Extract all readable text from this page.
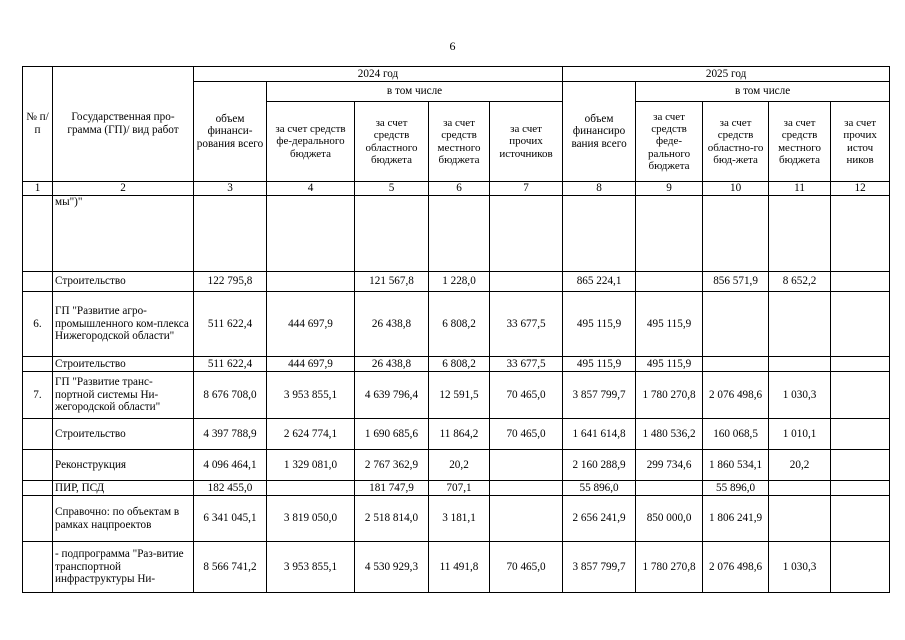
6
№ п/п	Государственная про-грамма (ГП)/ вид работ	2024 год					2025 год				
		объем финанси-рования всего	в том числе				объем финансиро вания всего	в том числе			
			за счет средств фе-дерального бюджета	за счет средств областного бюджета	за счет средств местного бюджета	за счет прочих источников		за счет средств феде-рального бюджета	за счет средств областно-го бюд-жета	за счет средств местного бюджета	за счет прочих источ ников
1	2	3	4	5	6	7	8	9	10	11	12
	мы")"										
	Строительство	122 795,8		121 567,8	1 228,0		865 224,1		856 571,9	8 652,2	
6.	ГП "Развитие агро-промышленного ком-плекса Нижегородской области"	511 622,4	444 697,9	26 438,8	6 808,2	33 677,5	495 115,9	495 115,9			
	Строительство	511 622,4	444 697,9	26 438,8	6 808,2	33 677,5	495 115,9	495 115,9			
7.	ГП "Развитие транс-портной системы Ни-жегородской области"	8 676 708,0	3 953 855,1	4 639 796,4	12 591,5	70 465,0	3 857 799,7	1 780 270,8	2 076 498,6	1 030,3	
	Строительство	4 397 788,9	2 624 774,1	1 690 685,6	11 864,2	70 465,0	1 641 614,8	1 480 536,2	160 068,5	1 010,1	
	Реконструкция	4 096 464,1	1 329 081,0	2 767 362,9	20,2		2 160 288,9	299 734,6	1 860 534,1	20,2	
	ПИР, ПСД	182 455,0		181 747,9	707,1		55 896,0		55 896,0		
	Справочно: по объектам в рамках нацпроектов	6 341 045,1	3 819 050,0	2 518 814,0	3 181,1		2 656 241,9	850 000,0	1 806 241,9		
	- подпрограмма "Раз-витие транспортной инфраструктуры Ни-	8 566 741,2	3 953 855,1	4 530 929,3	11 491,8	70 465,0	3 857 799,7	1 780 270,8	2 076 498,6	1 030,3	
